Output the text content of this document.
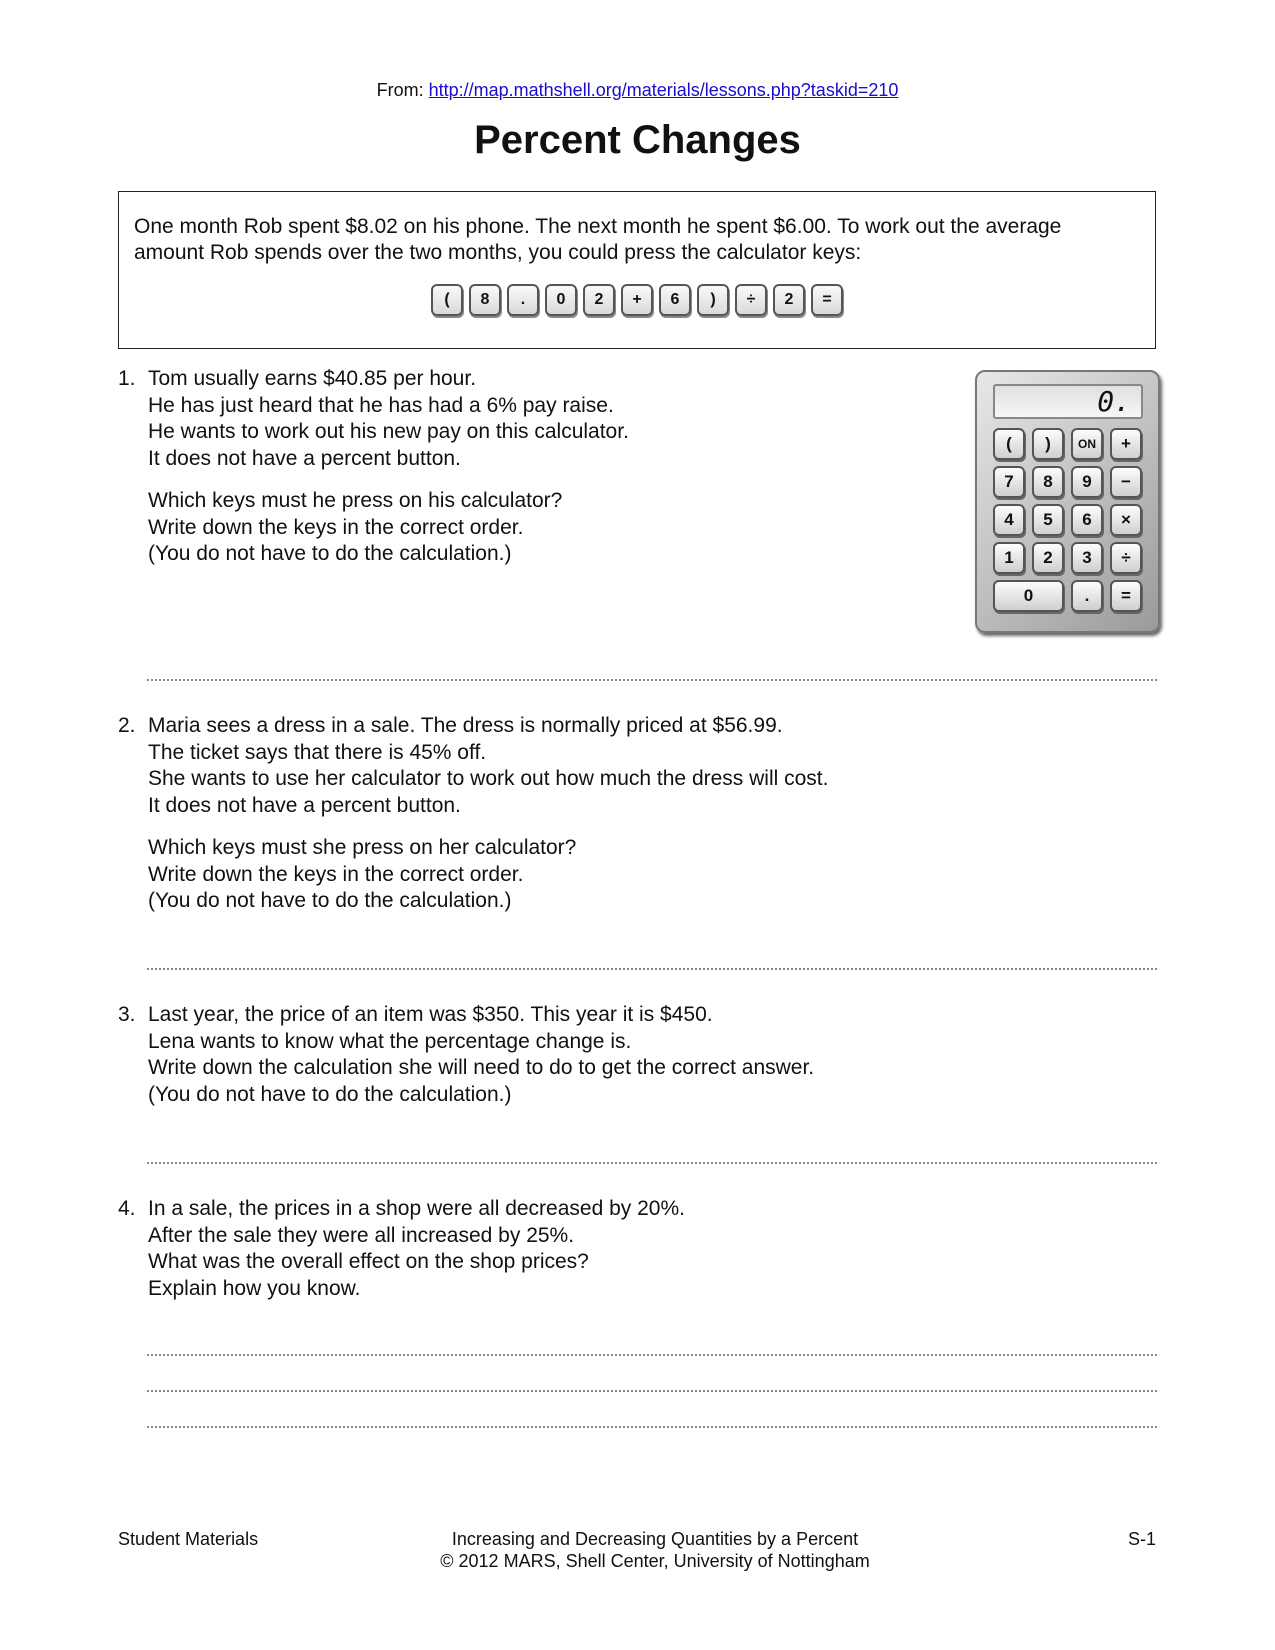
From: http://map.mathshell.org/materials/lessons.php?taskid=210
Percent Changes
One month Rob spent $8.02 on his phone. The next month he spent $6.00. To work out the average amount Rob spends over the two months, you could press the calculator keys:
(	8	.	0	2	+	6	)	÷	2	=
1. Tom usually earns $40.85 per hour.
He has just heard that he has had a 6% pay raise.
He wants to work out his new pay on this calculator.
It does not have a percent button.
Which keys must he press on his calculator?
Write down the keys in the correct order.
(You do not have to do the calculation.)
0.
(	)	ON	+
7	8	9	−
4	5	6	×
1	2	3	÷
0	.	=
2. Maria sees a dress in a sale. The dress is normally priced at $56.99.
The ticket says that there is 45% off.
She wants to use her calculator to work out how much the dress will cost.
It does not have a percent button.
Which keys must she press on her calculator?
Write down the keys in the correct order.
(You do not have to do the calculation.)
3. Last year, the price of an item was $350. This year it is $450.
Lena wants to know what the percentage change is.
Write down the calculation she will need to do to get the correct answer.
(You do not have to do the calculation.)
4. In a sale, the prices in a shop were all decreased by 20%.
After the sale they were all increased by 25%.
What was the overall effect on the shop prices?
Explain how you know.
Student Materials	Increasing and Decreasing Quantities by a Percent
© 2012 MARS, Shell Center, University of Nottingham
S-1
